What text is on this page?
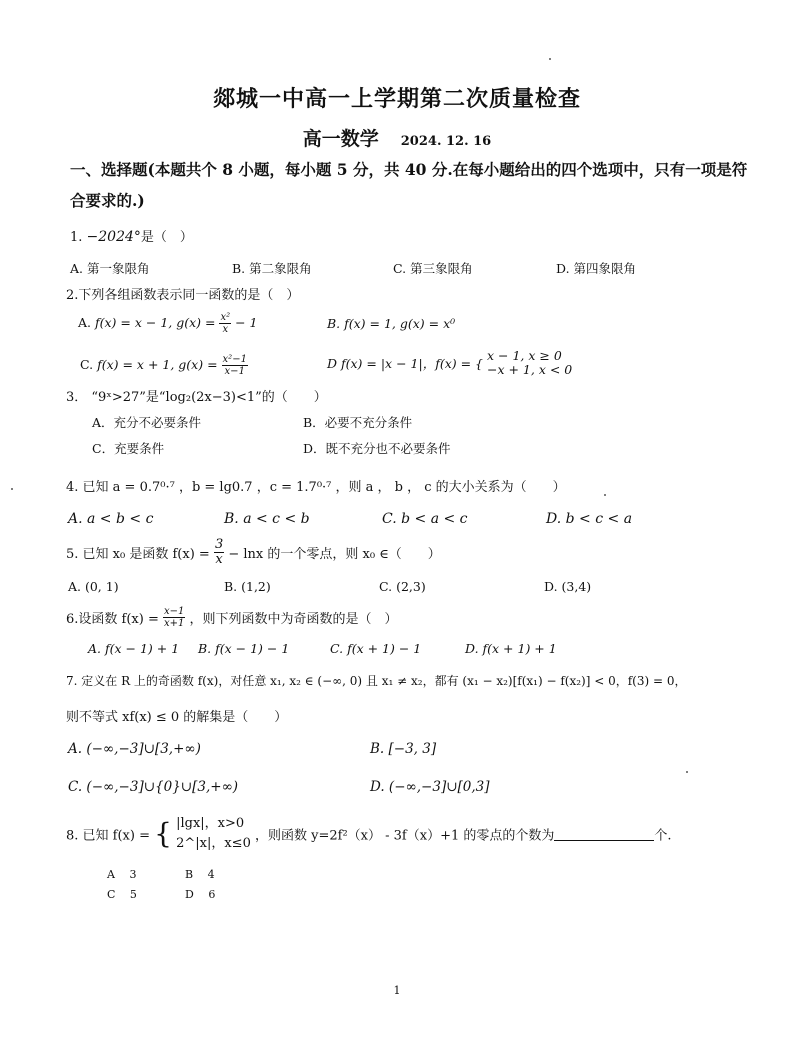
郯城一中高一上学期第二次质量检查
高一数学 2024. 12. 16
一、选择题(本题共个 8 小题，每小题 5 分，共 40 分.在每小题给出的四个选项中，只有一项是符合要求的.)
1. −2024°是（　）
A. 第一象限角	B. 第二象限角	C. 第三象限角	D. 第四象限角
2.下列各组函数表示同一函数的是（　）
A. f(x) = x − 1, $g(x) = \frac{\text{x²}}{x} - 1$	B. f(x) = 1, g(x) = x⁰
C. f(x) = x + 1, $g(x) = \frac{\text{x²−1}}{x-1}$	D f(x) = |x − 1|，f(x) = {
x − 1, x ≥ 0
−x + 1, x < 0
3． “9ˣ>27”是“log₂(2x−3)<1”的（　　）
A．充分不必要条件	B．必要不充分条件
C．充要条件	D．既不充分也不必要条件
4. 已知 a = 0.7⁰·⁷ ，b = lg0.7 ，c = 1.7⁰·⁷ ，则 a ， b ， c 的大小关系为（　　）
A. a < b < c	B. a < c < b	C. b < a < c	D. b < c < a
5. 已知 x₀ 是函数 $f(x) = \frac{3}{x} - \ln x$ 的一个零点，则 x₀ ∈（　　）
A. (0, 1)	B. (1,2)	C. (2,3)	D. (3,4)
6.设函数 $f(x) = \frac{x-1}{x+1}$ ，则下列函数中为奇函数的是（　）
A. f(x − 1) + 1 B. f(x − 1) − 1	C. f(x + 1) − 1	D. f(x + 1) + 1
7. 定义在 R 上的奇函数 f(x)，对任意 x₁, x₂ ∈ (−∞, 0) 且 x₁ ≠ x₂，都有 (x₁ − x₂)[f(x₁) − f(x₂)] < 0，f(3) = 0，
则不等式 xf(x) ≤ 0 的解集是（　　）
A. (−∞,−3]∪[3,+∞)	B. [−3, 3]
C. (−∞,−3]∪{0}∪[3,+∞)	D. (−∞,−3]∪[0,3]
8. 已知 f(x) = { |lgx|，x>0
2^|x|，x≤0 ，则函数 y=2f²（x） - 3f（x）+1 的零点的个数为	个.
A　 3	B　 4
C　 5	D　 6
1
